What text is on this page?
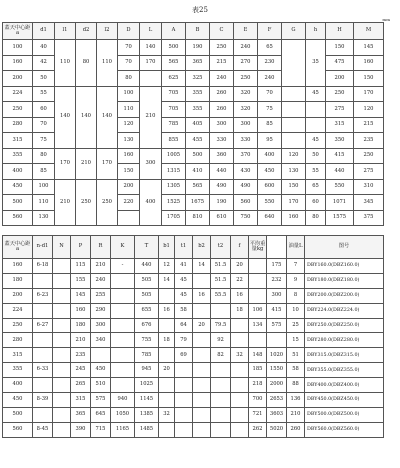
表25
mm
蓋天中心距a	d1	l1	d2	l2	D	L	A	B	C	E	F	G	h	H	M
100	40	110	80	110	70	140	500	190	250	240	65		35	150	145
160	42				70	170	565	365	215	270	230			475	160
200	50				80		625	325	240	250	240			200	150
224	55	140	140	140	100	210	705	355	260	320	70		45	250	170
250	60				110		705	355	260	320	75			275	120
280	70				120		785	405	300	300	85			315	215
315	75				130		855	455	330	330	95		45	350	235
355	80	170	210	170	160	300	1005	500	360	370	400	120	50	415	250
400	85				150		1315	410	440	430	450	130	55	440	275
450	100	210	250	250	200	400	1305	565	490	490	600	150	65	550	310
500	110				220		1525	1675	190	560	550	170	60	1071	345
560	130						1705	810	610	750	640	160	80	1575	375
蓋天中心距a	n-d1	N	P	R	K	T	b1	t1	b2	t2	f	平均重量kg		油量L	图号
160	6-18		115	210	-	440	12	41	14	51.5	20		175	7	DBY160.0(DBZ160.0)
180			155	240		505	14	45		51.5	22		232	9	DBY180.0(DBZ180.0)
200	6-23		145	255		505		45	16	55.5	16		300	8	DBY200.0(DBZ200.0)
224			160	290		655	16	58			18	106	415	10	DBY224.0(DBZ224.0)
250	6-27		180	300		676		64	20	79.5		134	575	25	DBY250.0(DBZ250.0)
280			210	340		755	18	79		92				15	DBY280.0(DBZ280.0)
315			235			785		69		82	32	148	1020	51	DBY315.0(DBZ315.0)
355	6-33		245	450		945	20					185	1550	58	DBY355.0(DBZ355.0)
400			265	510		1025						218	2000	88	DBY400.0(DBZ400.0)
450	8-39		315	575	940	1145						700	2653	136	DBY450.0(DBZ450.0)
500			365	645	1050	1385	32					721	3603	210	DBY500.0(DBZ500.0)
560	8-45		390	715	1165	1485						262	5020	260	DBY560.0(DBZ560.0)
